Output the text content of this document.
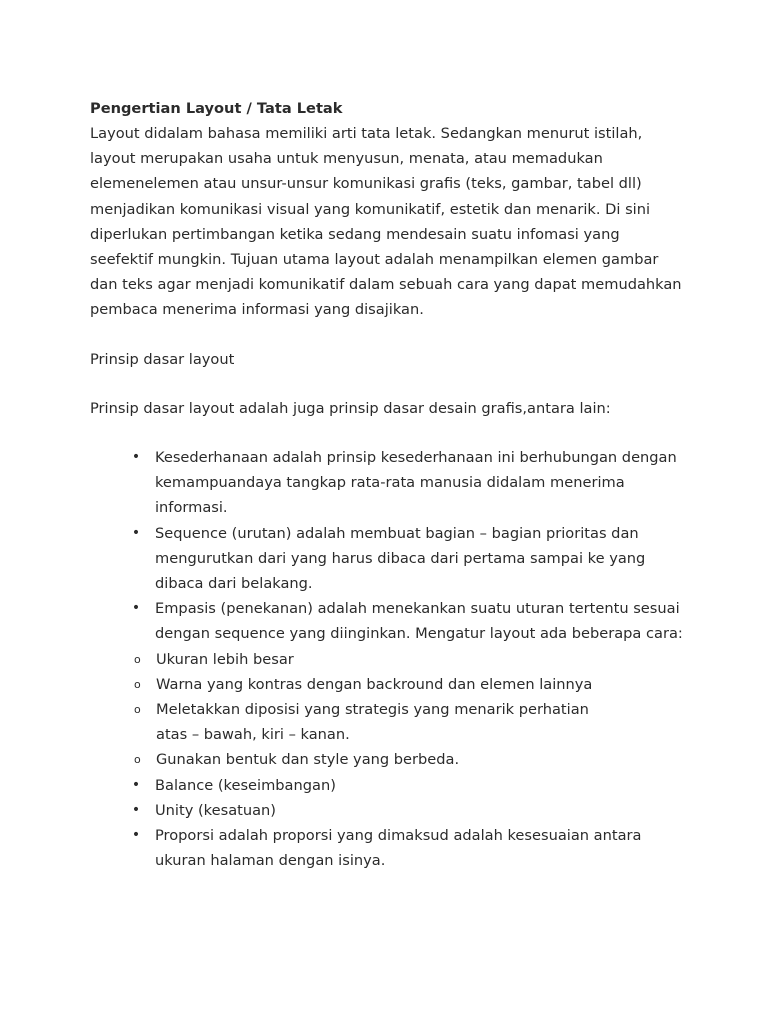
Pengertian Layout / Tata Letak
Layout didalam bahasa memiliki arti tata letak. Sedangkan menurut istilah,
layout merupakan usaha untuk menyusun, menata, atau memadukan
elemenelemen atau unsur-unsur komunikasi grafis (teks, gambar, tabel dll)
menjadikan komunikasi visual yang komunikatif, estetik dan menarik. Di sini
diperlukan pertimbangan ketika sedang mendesain suatu infomasi yang
seefektif mungkin. Tujuan utama layout adalah menampilkan elemen gambar
dan teks agar menjadi komunikatif dalam sebuah cara yang dapat memudahkan
pembaca menerima informasi yang disajikan.
Prinsip dasar layout
Prinsip dasar layout adalah juga prinsip dasar desain grafis,antara lain:
• Kesederhanaan adalah prinsip kesederhanaan ini berhubungan dengan
kemampuandaya tangkap rata-rata manusia didalam menerima
informasi.
• Sequence (urutan) adalah membuat bagian – bagian prioritas dan
mengurutkan dari yang harus dibaca dari pertama sampai ke yang
dibaca dari belakang.
• Empasis (penekanan) adalah menekankan suatu uturan tertentu sesuai
dengan sequence yang diinginkan. Mengatur layout ada beberapa cara:
o Ukuran lebih besar
o Warna yang kontras dengan backround dan elemen lainnya
o Meletakkan diposisi yang strategis yang menarik perhatian
atas – bawah, kiri – kanan.
o Gunakan bentuk dan style yang berbeda.
• Balance (keseimbangan)
• Unity (kesatuan)
• Proporsi adalah proporsi yang dimaksud adalah kesesuaian antara
ukuran halaman dengan isinya.
